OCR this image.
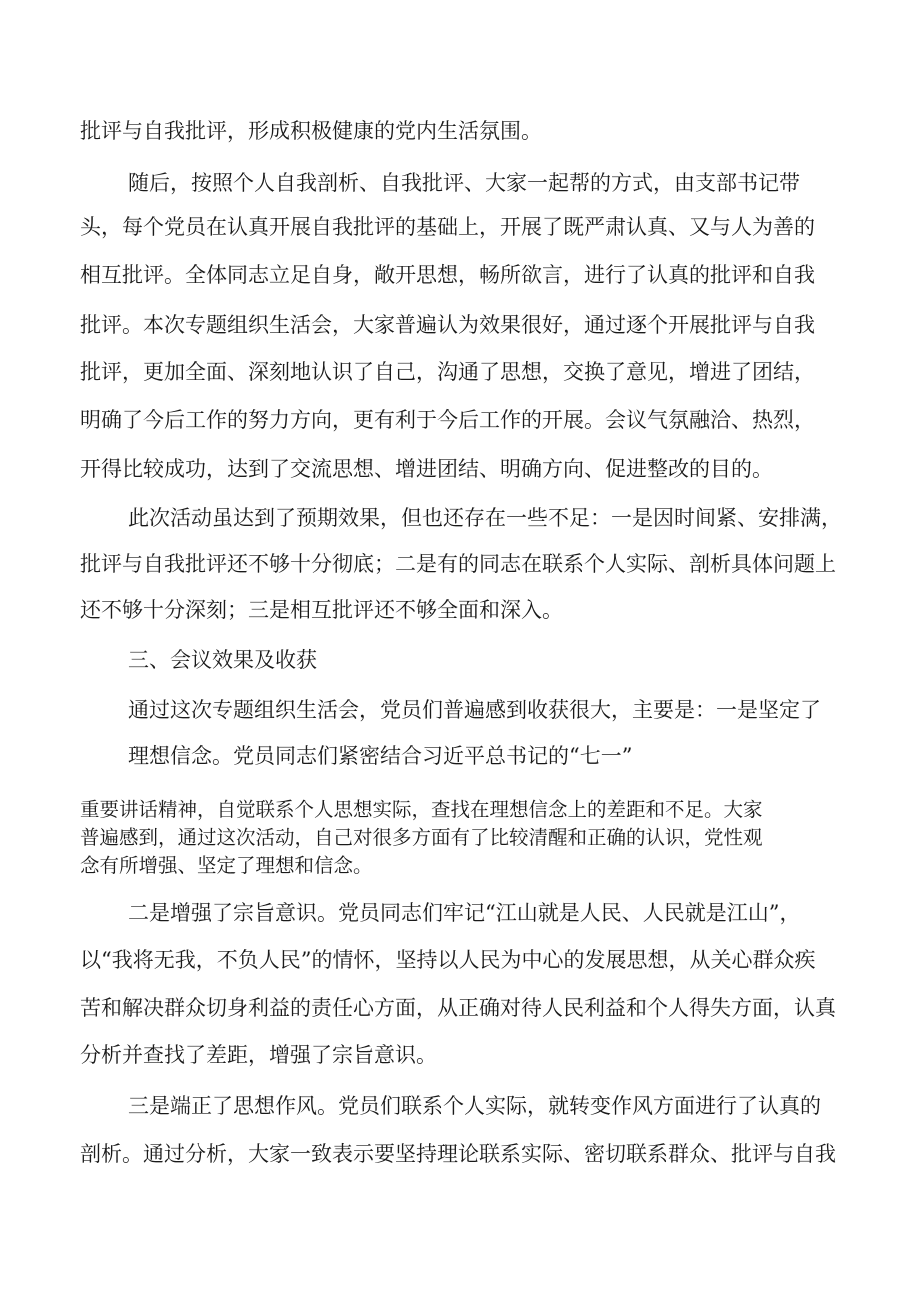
批评与自我批评，形成积极健康的党内生活氛围。
随后，按照个人自我剖析、自我批评、大家一起帮的方式，由支部书记带
头，每个党员在认真开展自我批评的基础上，开展了既严肃认真、又与人为善的
相互批评。全体同志立足自身，敞开思想，畅所欲言，进行了认真的批评和自我
批评。本次专题组织生活会，大家普遍认为效果很好，通过逐个开展批评与自我
批评，更加全面、深刻地认识了自己，沟通了思想，交换了意见，增进了团结，
明确了今后工作的努力方向，更有利于今后工作的开展。会议气氛融洽、热烈，
开得比较成功，达到了交流思想、增进团结、明确方向、促进整改的目的。
此次活动虽达到了预期效果，但也还存在一些不足：一是因时间紧、安排满，
批评与自我批评还不够十分彻底；二是有的同志在联系个人实际、剖析具体问题上
还不够十分深刻；三是相互批评还不够全面和深入。
三、会议效果及收获
通过这次专题组织生活会，党员们普遍感到收获很大，主要是：一是坚定了
理想信念。党员同志们紧密结合习近平总书记的“七一”
重要讲话精神，自觉联系个人思想实际，查找在理想信念上的差距和不足。大家
普遍感到，通过这次活动，自己对很多方面有了比较清醒和正确的认识，党性观
念有所增强、坚定了理想和信念。
二是增强了宗旨意识。党员同志们牢记“江山就是人民、人民就是江山”，
以“我将无我，不负人民”的情怀，坚持以人民为中心的发展思想，从关心群众疾
苦和解决群众切身利益的责任心方面，从正确对待人民利益和个人得失方面，认真
分析并查找了差距，增强了宗旨意识。
三是端正了思想作风。党员们联系个人实际，就转变作风方面进行了认真的
剖析。通过分析，大家一致表示要坚持理论联系实际、密切联系群众、批评与自我
